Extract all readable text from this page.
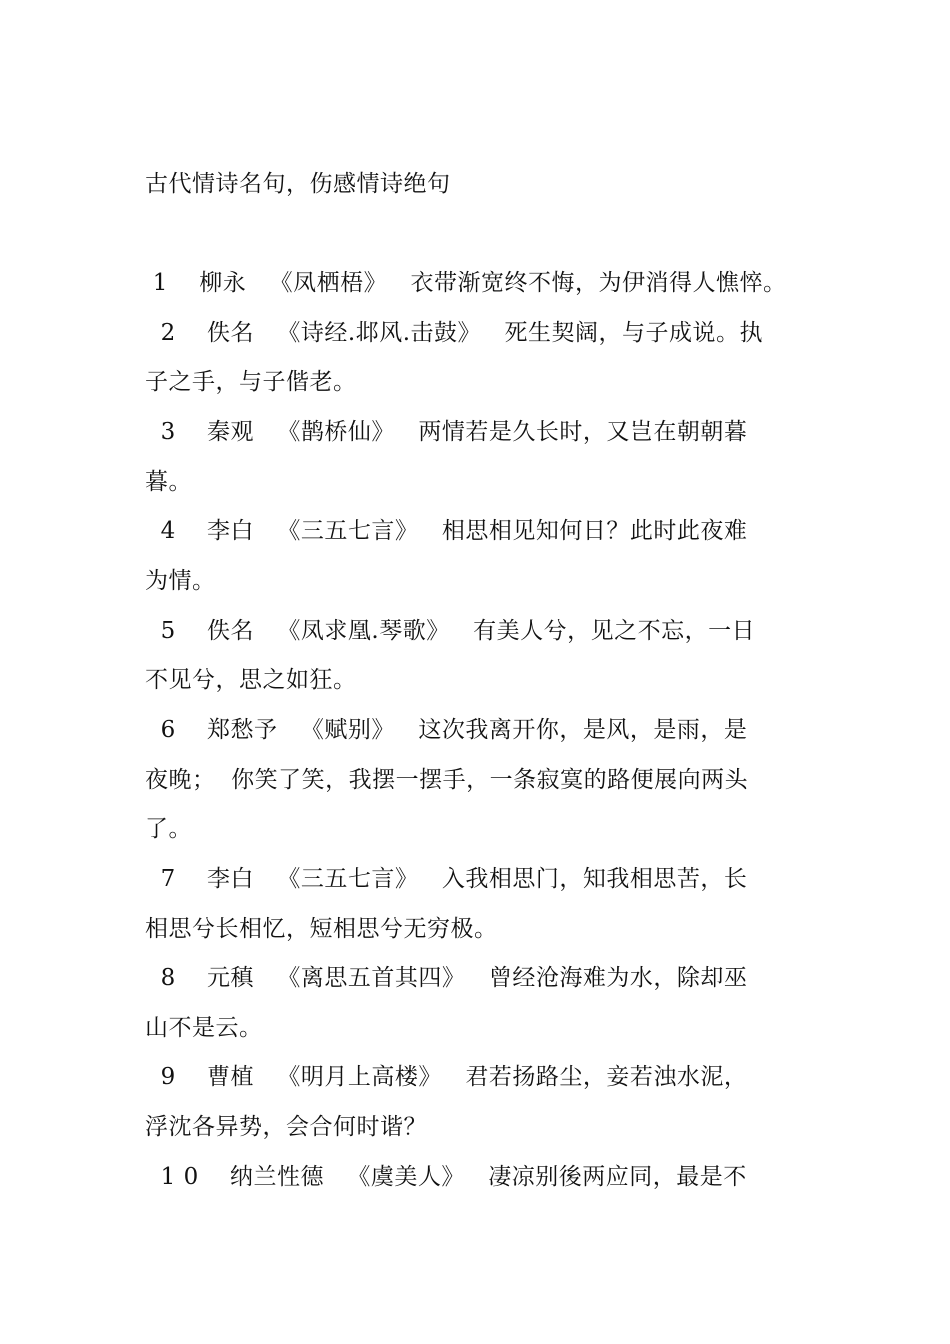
古代情诗名句，伤感情诗绝句
1    柳永   《凤栖梧》   衣带渐宽终不悔，为伊消得人憔悴。
2    佚名   《诗经.邶风.击鼓》   死生契阔，与子成说。执
子之手，与子偕老。
3    秦观   《鹊桥仙》   两情若是久长时，又岂在朝朝暮
暮。
4    李白   《三五七言》   相思相见知何日？此时此夜难
为情。
5    佚名   《凤求凰.琴歌》   有美人兮，见之不忘，一日
不见兮，思之如狂。
6    郑愁予   《赋别》   这次我离开你，是风，是雨，是
夜晚；  你笑了笑，我摆一摆手，一条寂寞的路便展向两头
了。
7    李白   《三五七言》   入我相思门，知我相思苦，长
相思兮长相忆，短相思兮无穷极。
8    元稹   《离思五首其四》   曾经沧海难为水，除却巫
山不是云。
9    曹植   《明月上高楼》   君若扬路尘，妾若浊水泥，
浮沈各异势，会合何时谐？
1 0    纳兰性德   《虞美人》   凄凉别後两应同，最是不
